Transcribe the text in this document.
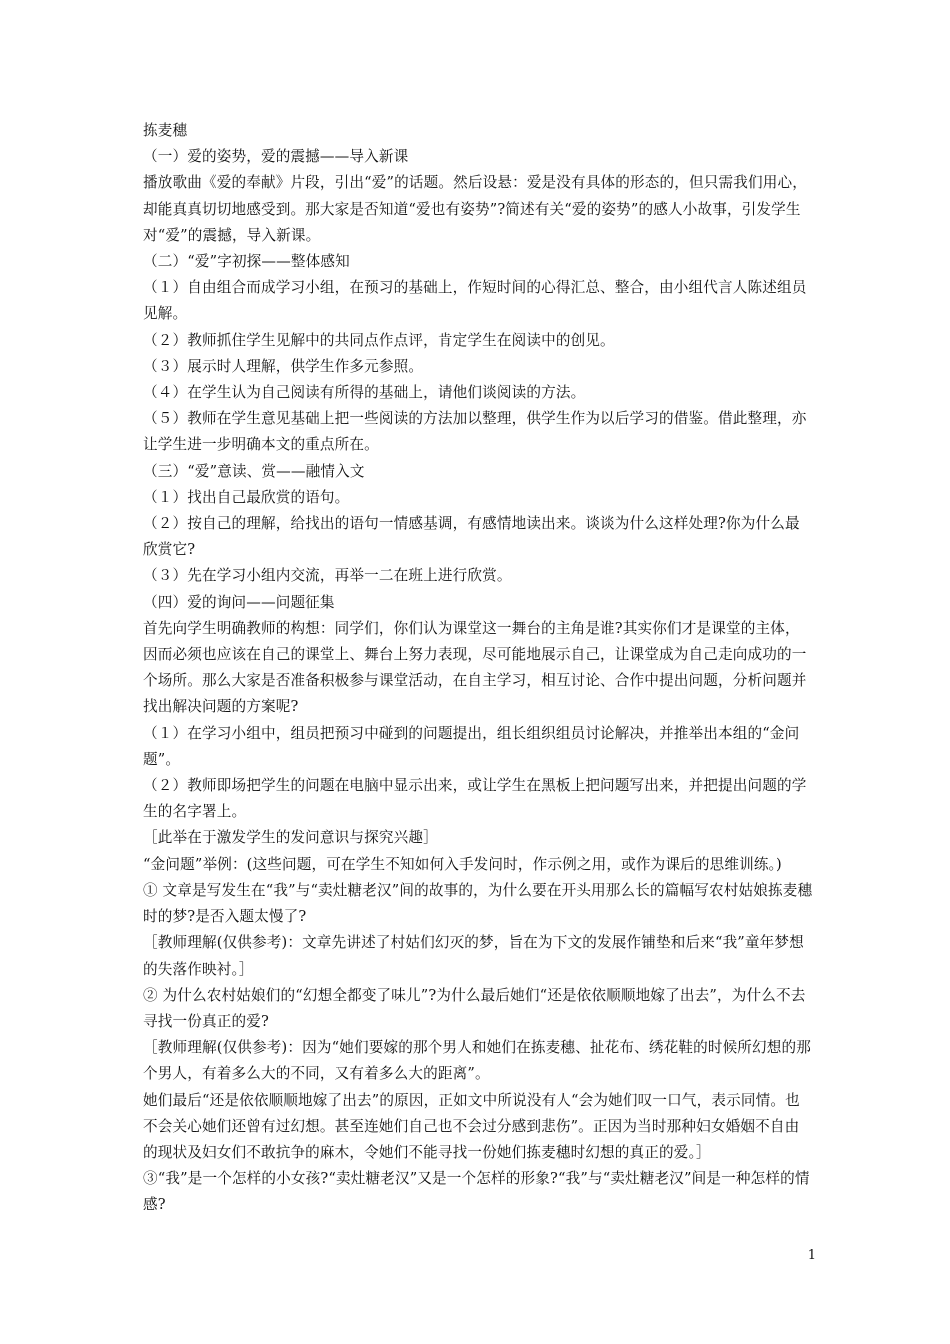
拣麦穗

（一）爱的姿势，爱的震撼——导入新课

播放歌曲《爱的奉献》片段，引出“爱”的话题。然后设悬：爱是没有具体的形态的，但只需我们用心，却能真真切切地感受到。那大家是否知道“爱也有姿势”?简述有关“爱的姿势”的感人小故事，引发学生对“爱”的震撼，导入新课。

（二）“爱”字初探——整体感知

（１）自由组合而成学习小组，在预习的基础上，作短时间的心得汇总、整合，由小组代言人陈述组员见解。

（２）教师抓住学生见解中的共同点作点评，肯定学生在阅读中的创见。

（３）展示时人理解，供学生作多元参照。

（４）在学生认为自己阅读有所得的基础上，请他们谈阅读的方法。

（５）教师在学生意见基础上把一些阅读的方法加以整理，供学生作为以后学习的借鉴。借此整理，亦让学生进一步明确本文的重点所在。

（三）“爱”意读、赏——融情入文

（１）找出自己最欣赏的语句。

（２）按自己的理解，给找出的语句一情感基调，有感情地读出来。谈谈为什么这样处理?你为什么最欣赏它?

（３）先在学习小组内交流，再举一二在班上进行欣赏。

（四）爱的询问——问题征集

首先向学生明确教师的构想：同学们，你们认为课堂这一舞台的主角是谁?其实你们才是课堂的主体，因而必须也应该在自己的课堂上、舞台上努力表现，尽可能地展示自己，让课堂成为自己走向成功的一个场所。那么大家是否准备积极参与课堂活动，在自主学习，相互讨论、合作中提出问题，分析问题并找出解决问题的方案呢?

（１）在学习小组中，组员把预习中碰到的问题提出，组长组织组员讨论解决，并推举出本组的“金问题”。

（２）教师即场把学生的问题在电脑中显示出来，或让学生在黑板上把问题写出来，并把提出问题的学生的名字署上。

［此举在于激发学生的发问意识与探究兴趣］

“金问题”举例：(这些问题，可在学生不知如何入手发问时，作示例之用，或作为课后的思维训练。)

① 文章是写发生在“我”与“卖灶糖老汉”间的故事的，为什么要在开头用那么长的篇幅写农村姑娘拣麦穗时的梦?是否入题太慢了?

［教师理解(仅供参考)：文章先讲述了村姑们幻灭的梦，旨在为下文的发展作铺垫和后来“我”童年梦想的失落作映衬。］

② 为什么农村姑娘们的“幻想全都变了味儿”?为什么最后她们“还是依依顺顺地嫁了出去”，为什么不去寻找一份真正的爱?

［教师理解(仅供参考)：因为“她们要嫁的那个男人和她们在拣麦穗、扯花布、绣花鞋的时候所幻想的那个男人，有着多么大的不同，又有着多么大的距离”。

她们最后“还是依依顺顺地嫁了出去”的原因，正如文中所说没有人“会为她们叹一口气，表示同情。也不会关心她们还曾有过幻想。甚至连她们自己也不会过分感到悲伤”。正因为当时那种妇女婚姻不自由的现状及妇女们不敢抗争的麻木，令她们不能寻找一份她们拣麦穗时幻想的真正的爱。］

③“我”是一个怎样的小女孩?“卖灶糖老汉”又是一个怎样的形象?“我”与“卖灶糖老汉”间是一种怎样的情感?

1
